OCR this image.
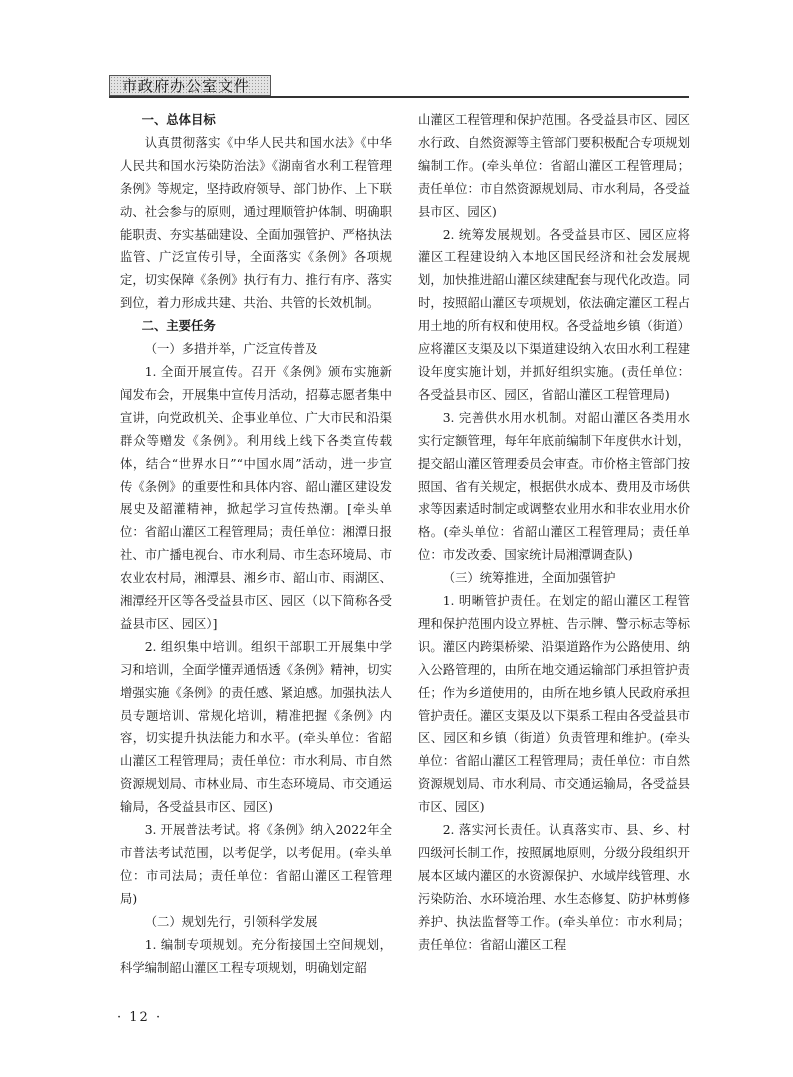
市政府办公室文件

一、总体目标

认真贯彻落实《中华人民共和国水法》《中华人民共和国水污染防治法》《湖南省水利工程管理条例》等规定，坚持政府领导、部门协作、上下联动、社会参与的原则，通过理顺管护体制、明确职能职责、夯实基础建设、全面加强管护、严格执法监管、广泛宣传引导，全面落实《条例》各项规定，切实保障《条例》执行有力、推行有序、落实到位，着力形成共建、共治、共管的长效机制。

二、主要任务

（一）多措并举，广泛宣传普及

1. 全面开展宣传。召开《条例》颁布实施新闻发布会，开展集中宣传月活动，招募志愿者集中宣讲，向党政机关、企事业单位、广大市民和沿渠群众等赠发《条例》。利用线上线下各类宣传载体，结合“世界水日”“中国水周”活动，进一步宣传《条例》的重要性和具体内容、韶山灌区建设发展史及韶灌精神，掀起学习宣传热潮。[牵头单位：省韶山灌区工程管理局；责任单位：湘潭日报社、市广播电视台、市水利局、市生态环境局、市农业农村局，湘潭县、湘乡市、韶山市、雨湖区、湘潭经开区等各受益县市区、园区（以下简称各受益县市区、园区）]

2. 组织集中培训。组织干部职工开展集中学习和培训，全面学懂弄通悟透《条例》精神，切实增强实施《条例》的责任感、紧迫感。加强执法人员专题培训、常规化培训，精准把握《条例》内容，切实提升执法能力和水平。(牵头单位：省韶山灌区工程管理局；责任单位：市水利局、市自然资源规划局、市林业局、市生态环境局、市交通运输局，各受益县市区、园区)

3. 开展普法考试。将《条例》纳入2022年全市普法考试范围，以考促学，以考促用。(牵头单位：市司法局；责任单位：省韶山灌区工程管理局)

（二）规划先行，引领科学发展

1. 编制专项规划。充分衔接国土空间规划，科学编制韶山灌区工程专项规划，明确划定韶

山灌区工程管理和保护范围。各受益县市区、园区水行政、自然资源等主管部门要积极配合专项规划编制工作。(牵头单位：省韶山灌区工程管理局；责任单位：市自然资源规划局、市水利局，各受益县市区、园区)

2. 统筹发展规划。各受益县市区、园区应将灌区工程建设纳入本地区国民经济和社会发展规划，加快推进韶山灌区续建配套与现代化改造。同时，按照韶山灌区专项规划，依法确定灌区工程占用土地的所有权和使用权。各受益地乡镇（街道）应将灌区支渠及以下渠道建设纳入农田水利工程建设年度实施计划，并抓好组织实施。(责任单位：各受益县市区、园区，省韶山灌区工程管理局)

3. 完善供水用水机制。对韶山灌区各类用水实行定额管理，每年年底前编制下年度供水计划，提交韶山灌区管理委员会审查。市价格主管部门按照国、省有关规定，根据供水成本、费用及市场供求等因素适时制定或调整农业用水和非农业用水价格。(牵头单位：省韶山灌区工程管理局；责任单位：市发改委、国家统计局湘潭调查队)

（三）统筹推进，全面加强管护

1. 明晰管护责任。在划定的韶山灌区工程管理和保护范围内设立界桩、告示牌、警示标志等标识。灌区内跨渠桥梁、沿渠道路作为公路使用、纳入公路管理的，由所在地交通运输部门承担管护责任；作为乡道使用的，由所在地乡镇人民政府承担管护责任。灌区支渠及以下渠系工程由各受益县市区、园区和乡镇（街道）负责管理和维护。(牵头单位：省韶山灌区工程管理局；责任单位：市自然资源规划局、市水利局、市交通运输局，各受益县市区、园区)

2. 落实河长责任。认真落实市、县、乡、村四级河长制工作，按照属地原则，分级分段组织开展本区域内灌区的水资源保护、水域岸线管理、水污染防治、水环境治理、水生态修复、防护林剪修养护、执法监督等工作。(牵头单位：市水利局；责任单位：省韶山灌区工程

· 12 ·
